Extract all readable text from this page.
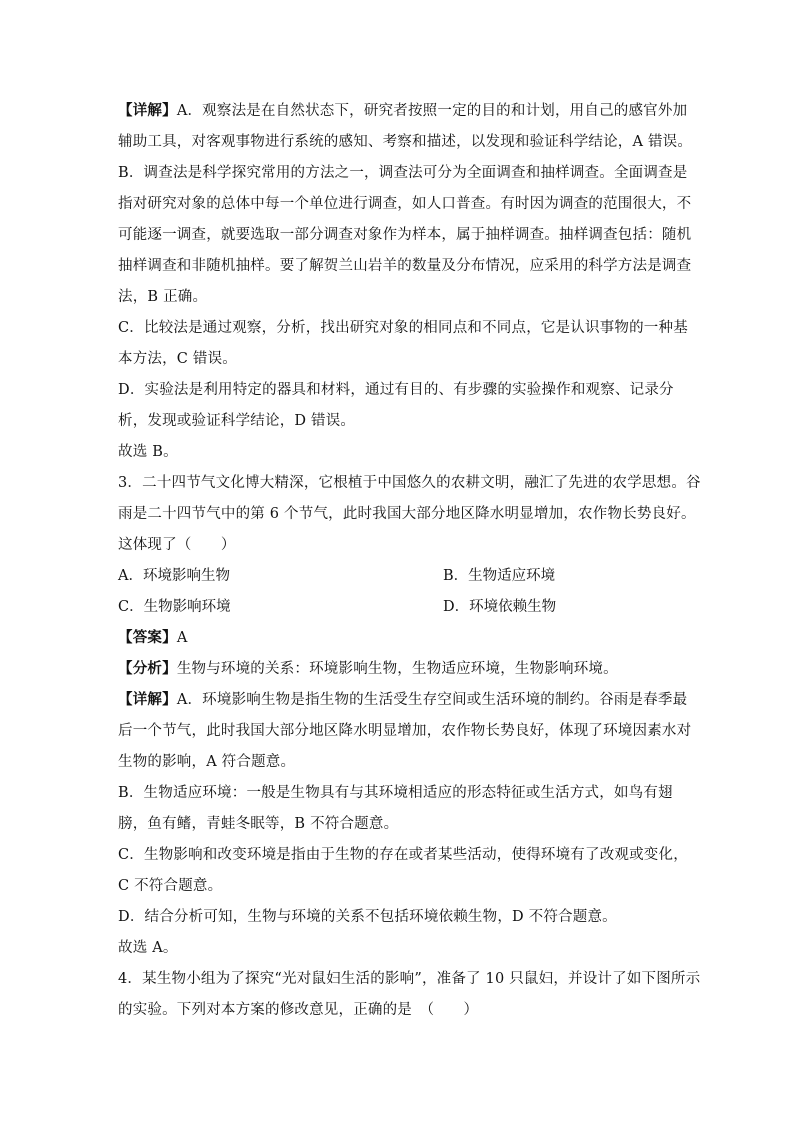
【详解】A．观察法是在自然状态下，研究者按照一定的目的和计划，用自己的感官外加
辅助工具，对客观事物进行系统的感知、考察和描述，以发现和验证科学结论，A 错误。
B．调查法是科学探究常用的方法之一，调查法可分为全面调查和抽样调查。全面调查是
指对研究对象的总体中每一个单位进行调查，如人口普查。有时因为调查的范围很大，不
可能逐一调查，就要选取一部分调查对象作为样本，属于抽样调查。抽样调查包括：随机
抽样调查和非随机抽样。要了解贺兰山岩羊的数量及分布情况，应采用的科学方法是调查
法，B 正确。
C．比较法是通过观察，分析，找出研究对象的相同点和不同点，它是认识事物的一种基
本方法，C 错误。
D．实验法是利用特定的器具和材料，通过有目的、有步骤的实验操作和观察、记录分
析，发现或验证科学结论，D 错误。
故选 B。
3．二十四节气文化博大精深，它根植于中国悠久的农耕文明，融汇了先进的农学思想。谷
雨是二十四节气中的第 6 个节气，此时我国大部分地区降水明显增加，农作物长势良好。
这体现了（　　）
A．环境影响生物	B．生物适应环境
C．生物影响环境	D．环境依赖生物
【答案】A
【分析】生物与环境的关系：环境影响生物，生物适应环境，生物影响环境。
【详解】A．环境影响生物是指生物的生活受生存空间或生活环境的制约。谷雨是春季最
后一个节气，此时我国大部分地区降水明显增加，农作物长势良好，体现了环境因素水对
生物的影响，A 符合题意。
B．生物适应环境：一般是生物具有与其环境相适应的形态特征或生活方式，如鸟有翅
膀，鱼有鳍，青蛙冬眠等，B 不符合题意。
C．生物影响和改变环境是指由于生物的存在或者某些活动，使得环境有了改观或变化，
C 不符合题意。
D．结合分析可知，生物与环境的关系不包括环境依赖生物，D 不符合题意。
故选 A。
4．某生物小组为了探究“光对鼠妇生活的影响”，准备了 10 只鼠妇，并设计了如下图所示
的实验。下列对本方案的修改意见，正确的是　（　　）
